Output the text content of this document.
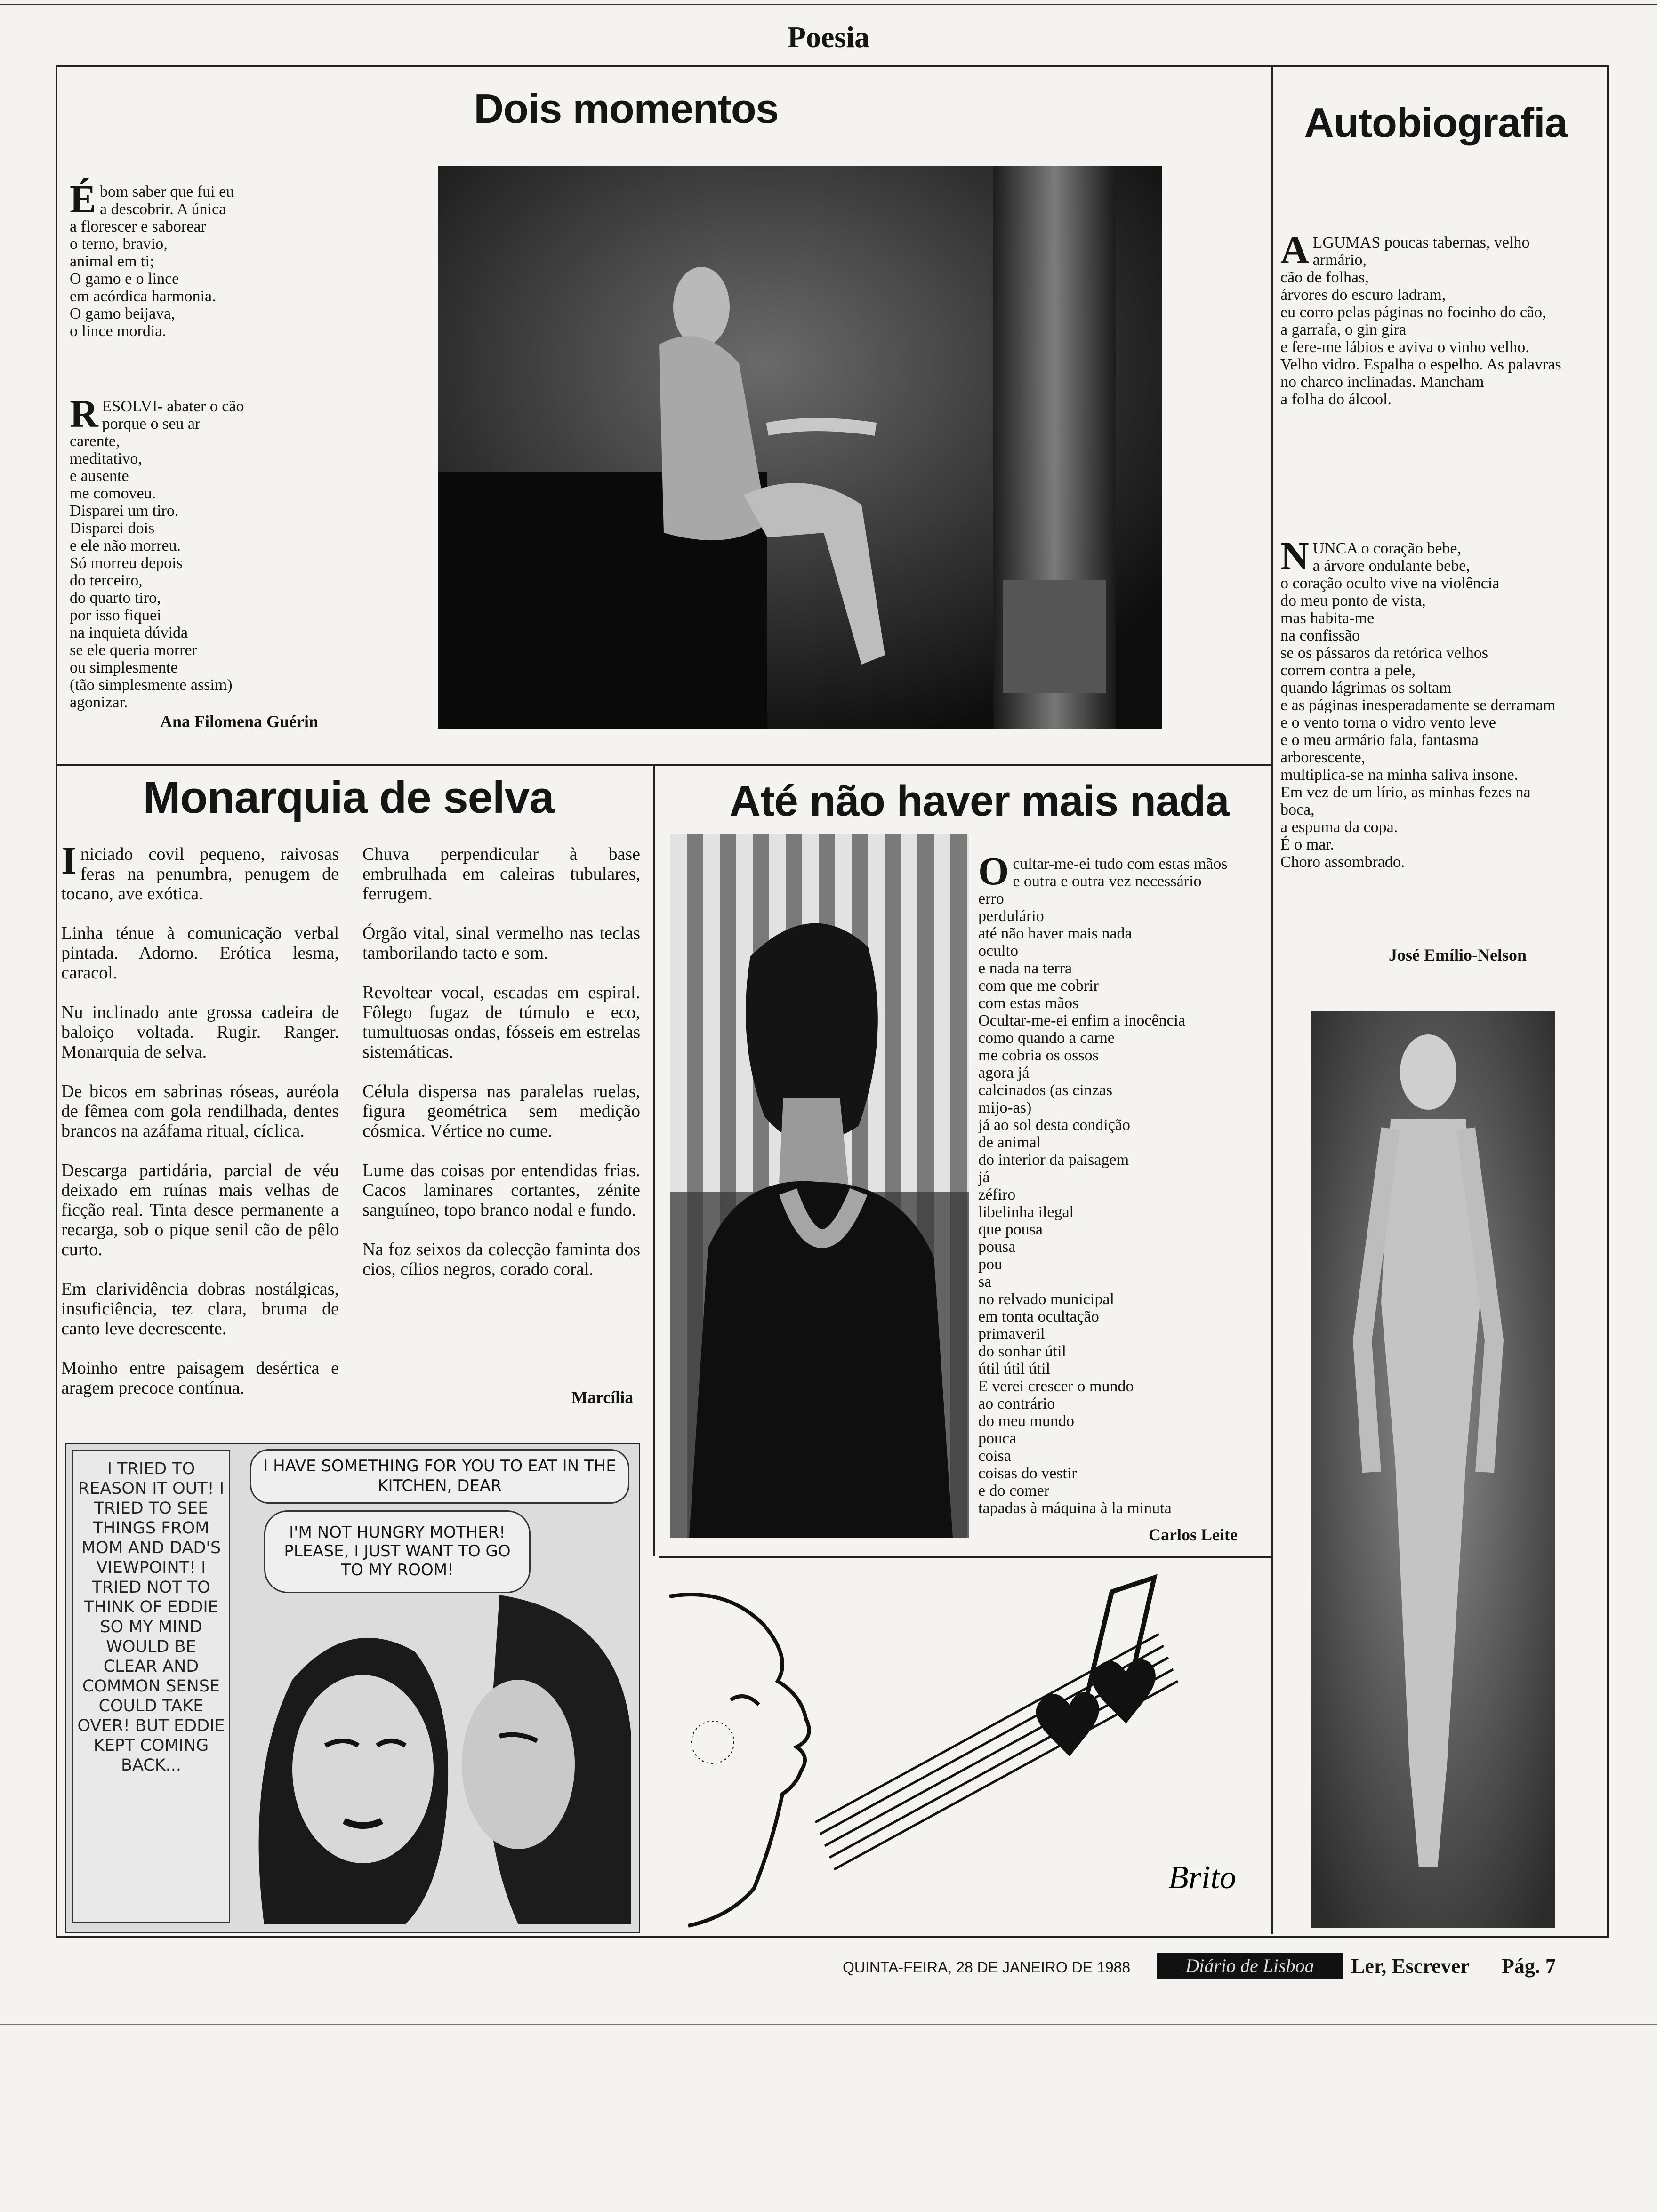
Poesia
Dois momentos

Ébom saber que fui eu
a descobrir. A única
a florescer e saborear
o terno, bravio,
animal em ti;
O gamo e o lince
em acórdica harmonia.
O gamo beijava,
o lince mordia.

RESOLVI- abater o cão
porque o seu ar
carente,
meditativo,
e ausente
me comoveu.
Disparei um tiro.
Disparei dois
e ele não morreu.
Só morreu depois
do terceiro,
do quarto tiro,
por isso fiquei
na inquieta dúvida
se ele queria morrer
ou simplesmente
(tão simplesmente assim)
agonizar.

Ana Filomena Guérin
Autobiografia

ALGUMAS poucas tabernas, velho armário,
cão de folhas,
árvores do escuro ladram,
eu corro pelas páginas no focinho do cão,
a garrafa, o gin gira
e fere-me lábios e aviva o vinho velho.
Velho vidro. Espalha o espelho. As palavras
no charco inclinadas. Mancham
a folha do álcool.

NUNCA o coração bebe,
a árvore ondulante bebe,
o coração oculto vive na violência
do meu ponto de vista,
mas habita-me
na confissão
se os pássaros da retórica velhos
correm contra a pele,
quando lágrimas os soltam
e as páginas inesperadamente se derramam
e o vento torna o vidro vento leve
e o meu armário fala, fantasma arborescente,
multiplica-se na minha saliva insone.
Em vez de um lírio, as minhas fezes na boca,
a espuma da copa.
É o mar.
Choro assombrado.

José Emílio-Nelson
Monarquia de selva

Iniciado covil pequeno, raivosas feras na penumbra, penugem de tocano, ave exótica.

Linha ténue à comunicação verbal pintada. Adorno. Erótica lesma, caracol.

Nu inclinado ante grossa cadeira de baloiço voltada. Rugir. Ranger. Monarquia de selva.

De bicos em sabrinas róseas, auréola de fêmea com gola rendilhada, dentes brancos na azáfama ritual, cíclica.

Descarga partidária, parcial de véu deixado em ruínas mais velhas de ficção real. Tinta desce permanente a recarga, sob o pique senil cão de pêlo curto.

Em clarividência dobras nostálgicas, insuficiência, tez clara, bruma de canto leve decrescente.

Moinho entre paisagem desértica e aragem precoce contínua.

Chuva perpendicular à base embrulhada em caleiras tubulares, ferrugem.

Órgão vital, sinal vermelho nas teclas tamborilando tacto e som.

Revoltear vocal, escadas em espiral. Fôlego fugaz de túmulo e eco, tumultuosas ondas, fósseis em estrelas sistemáticas.

Célula dispersa nas paralelas ruelas, figura geométrica sem medição cósmica. Vértice no cume.

Lume das coisas por entendidas frias. Cacos laminares cortantes, zénite sanguíneo, topo branco nodal e fundo.

Na foz seixos da colecção faminta dos cios, cílios negros, corado coral.

Marcília
I TRIED TO REASON IT OUT! I TRIED TO SEE THINGS FROM MOM AND DAD'S VIEWPOINT! I TRIED NOT TO THINK OF EDDIE SO MY MIND WOULD BE CLEAR AND COMMON SENSE COULD TAKE OVER! BUT EDDIE KEPT COMING BACK...
I HAVE SOMETHING FOR YOU TO EAT IN THE KITCHEN, DEAR
I'M NOT HUNGRY MOTHER! PLEASE, I JUST WANT TO GO TO MY ROOM!
Até não haver mais nada

Ocultar-me-ei tudo com estas mãos
e outra e outra vez necessário
erro
perdulário
até não haver mais nada
oculto
e nada na terra
com que me cobrir
com estas mãos
Ocultar-me-ei enfim a inocência
como quando a carne
me cobria os ossos
agora já
calcinados (as cinzas
mijo-as)
já ao sol desta condição
de animal
do interior da paisagem
já
zéfiro
libelinha ilegal
que pousa
pousa
pou
sa
no relvado municipal
em tonta ocultação
primaveril
do sonhar útil
útil útil útil
E verei crescer o mundo
ao contrário
do meu mundo
pouca
coisa
coisas do vestir
e do comer
tapadas à máquina à la minuta

Carlos Leite
Brito
QUINTA-FEIRA, 28 DE JANEIRO DE 1988	Diário de Lisboa	Ler, Escrever Pág. 7
